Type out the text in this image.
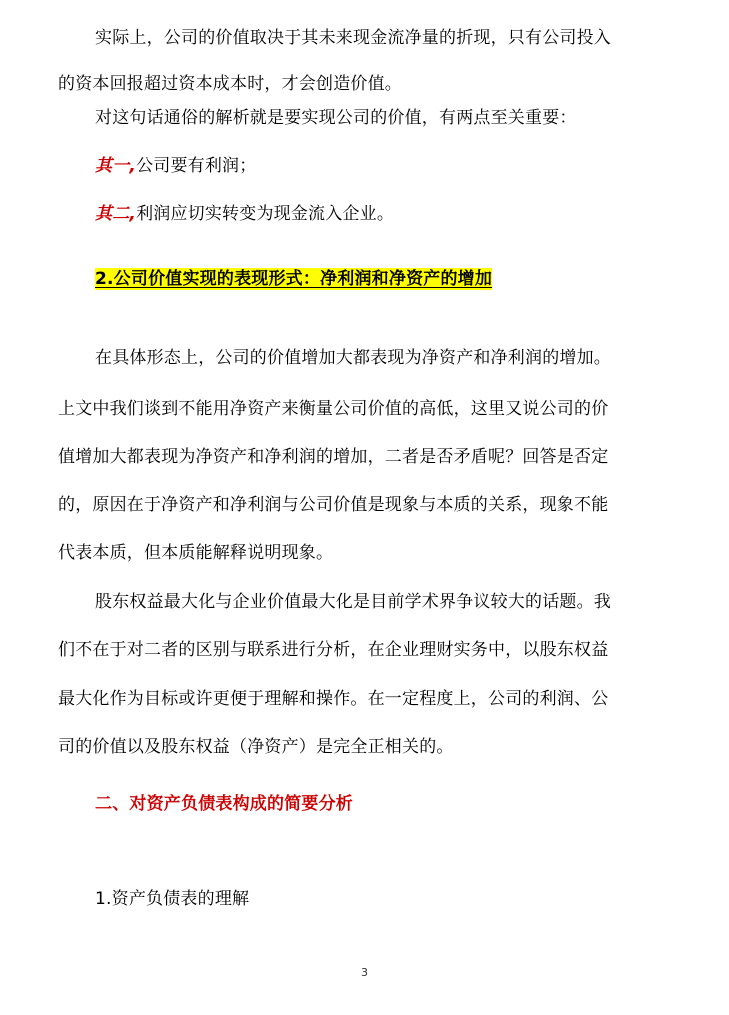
实际上，公司的价值取决于其未来现金流净量的折现，只有公司投入
的资本回报超过资本成本时，才会创造价值。
对这句话通俗的解析就是要实现公司的价值，有两点至关重要：
其一,公司要有利润；
其二,利润应切实转变为现金流入企业。
2.公司价值实现的表现形式：净利润和净资产的增加
在具体形态上，公司的价值增加大都表现为净资产和净利润的增加。
上文中我们谈到不能用净资产来衡量公司价值的高低，这里又说公司的价
值增加大都表现为净资产和净利润的增加，二者是否矛盾呢？回答是否定
的，原因在于净资产和净利润与公司价值是现象与本质的关系，现象不能
代表本质，但本质能解释说明现象。
股东权益最大化与企业价值最大化是目前学术界争议较大的话题。我
们不在于对二者的区别与联系进行分析，在企业理财实务中，以股东权益
最大化作为目标或许更便于理解和操作。在一定程度上，公司的利润、公
司的价值以及股东权益（净资产）是完全正相关的。
二、对资产负债表构成的简要分析
1.资产负债表的理解
3
